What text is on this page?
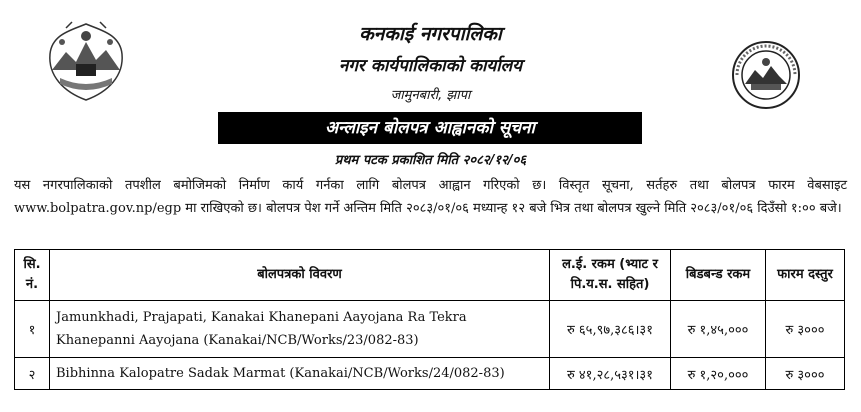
कनकाई नगरपालिका
नगर कार्यपालिकाको कार्यालय
जामुनबारी, झापा
अन्लाइन बोलपत्र आह्वानको सूचना
प्रथम पटक प्रकाशित मिति २०८२/१२/०६
यस नगरपालिकाको तपशील बमोजिमको निर्माण कार्य गर्नका लागि बोलपत्र आह्वान गरिएको छ। विस्तृत सूचना, सर्तहरु तथा बोलपत्र फारम वेबसाइट www.bolpatra.gov.np/egp मा राखिएको छ। बोलपत्र पेश गर्ने अन्तिम मिति २०८३/०१/०६ मध्यान्ह १२ बजे भित्र तथा बोलपत्र खुल्ने मिति २०८३/०१/०६ दिउँसो १:०० बजे।
सि. नं.	बोलपत्रको विवरण	ल.ई. रकम (भ्याट र पि.य.स. सहित)	बिडबन्ड रकम	फारम दस्तुर
१	Jamunkhadi, Prajapati, Kanakai Khanepani Aayojana Ra Tekra Khanepanni Aayojana (Kanakai/NCB/Works/23/082-83)	रु ६५,९७,३८६।३१	रु १,४५,०००	रु ३०००
२	Bibhinna Kalopatre Sadak Marmat (Kanakai/NCB/Works/24/082-83)	रु ४१,२८,५३१।३१	रु १,२०,०००	रु ३०००
